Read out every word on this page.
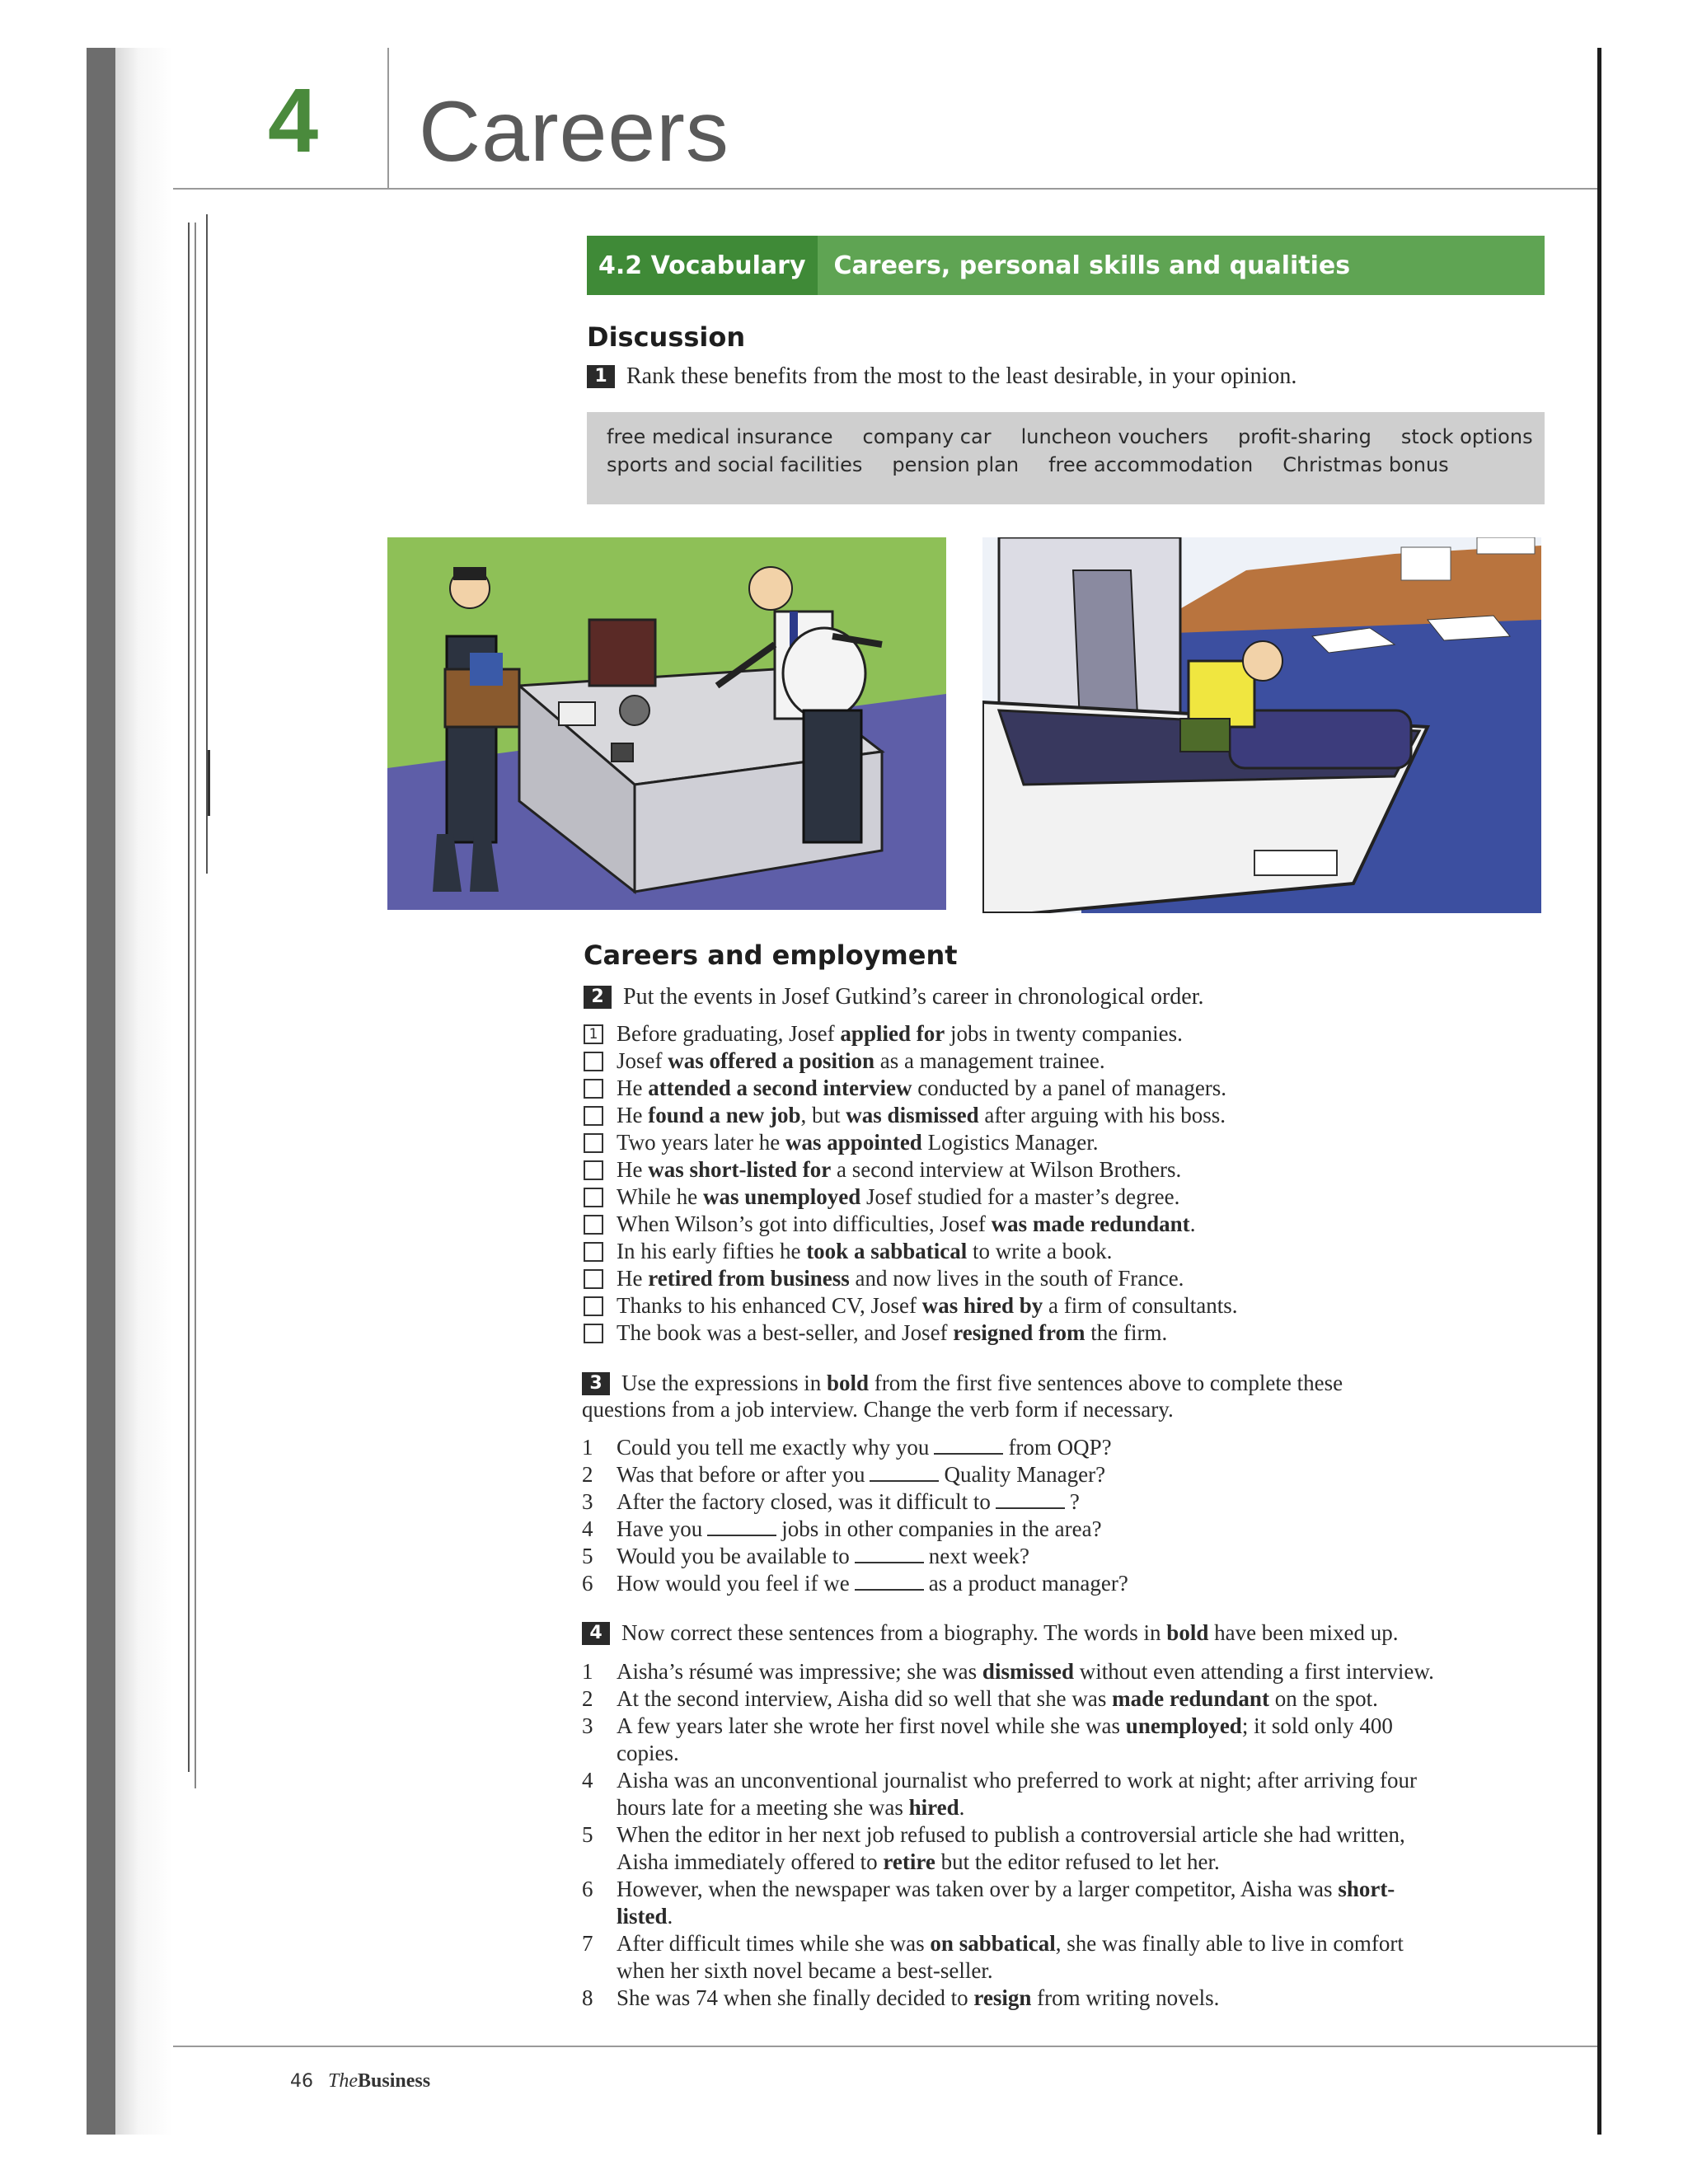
4 Careers
4.2 Vocabulary	Careers, personal skills and qualities
Discussion
1 Rank these benefits from the most to the least desirable, in your opinion.
free medical insurance company car luncheon vouchers profit-sharing stock options
sports and social facilities pension plan free accommodation Christmas bonus
Careers and employment
2 Put the events in Josef Gutkind’s career in chronological order.
1 Before graduating, Josef applied for jobs in twenty companies.
Josef was offered a position as a management trainee.
He attended a second interview conducted by a panel of managers.
He found a new job, but was dismissed after arguing with his boss.
Two years later he was appointed Logistics Manager.
He was short-listed for a second interview at Wilson Brothers.
While he was unemployed Josef studied for a master’s degree.
When Wilson’s got into difficulties, Josef was made redundant.
In his early fifties he took a sabbatical to write a book.
He retired from business and now lives in the south of France.
Thanks to his enhanced CV, Josef was hired by a firm of consultants.
The book was a best-seller, and Josef resigned from the firm.
3 Use the expressions in bold from the first five sentences above to complete these
questions from a job interview. Change the verb form if necessary.
1	Could you tell me exactly why you	from OQP?
2	Was that before or after you	Quality Manager?
3	After the factory closed, was it difficult to	?
4	Have you	jobs in other companies in the area?
5	Would you be available to	next week?
6	How would you feel if we	as a product manager?
4 Now correct these sentences from a biography. The words in bold have been mixed up.
1	Aisha’s résumé was impressive; she was dismissed without even attending a first interview.
2	At the second interview, Aisha did so well that she was made redundant on the spot.
3	A few years later she wrote her first novel while she was unemployed; it sold only 400
copies.
4	Aisha was an unconventional journalist who preferred to work at night; after arriving four
hours late for a meeting she was hired.
5	When the editor in her next job refused to publish a controversial article she had written,
Aisha immediately offered to retire but the editor refused to let her.
6	However, when the newspaper was taken over by a larger competitor, Aisha was short-
listed.
7	After difficult times while she was on sabbatical, she was finally able to live in comfort
when her sixth novel became a best-seller.
8	She was 74 when she finally decided to resign from writing novels.
46 TheBusiness
